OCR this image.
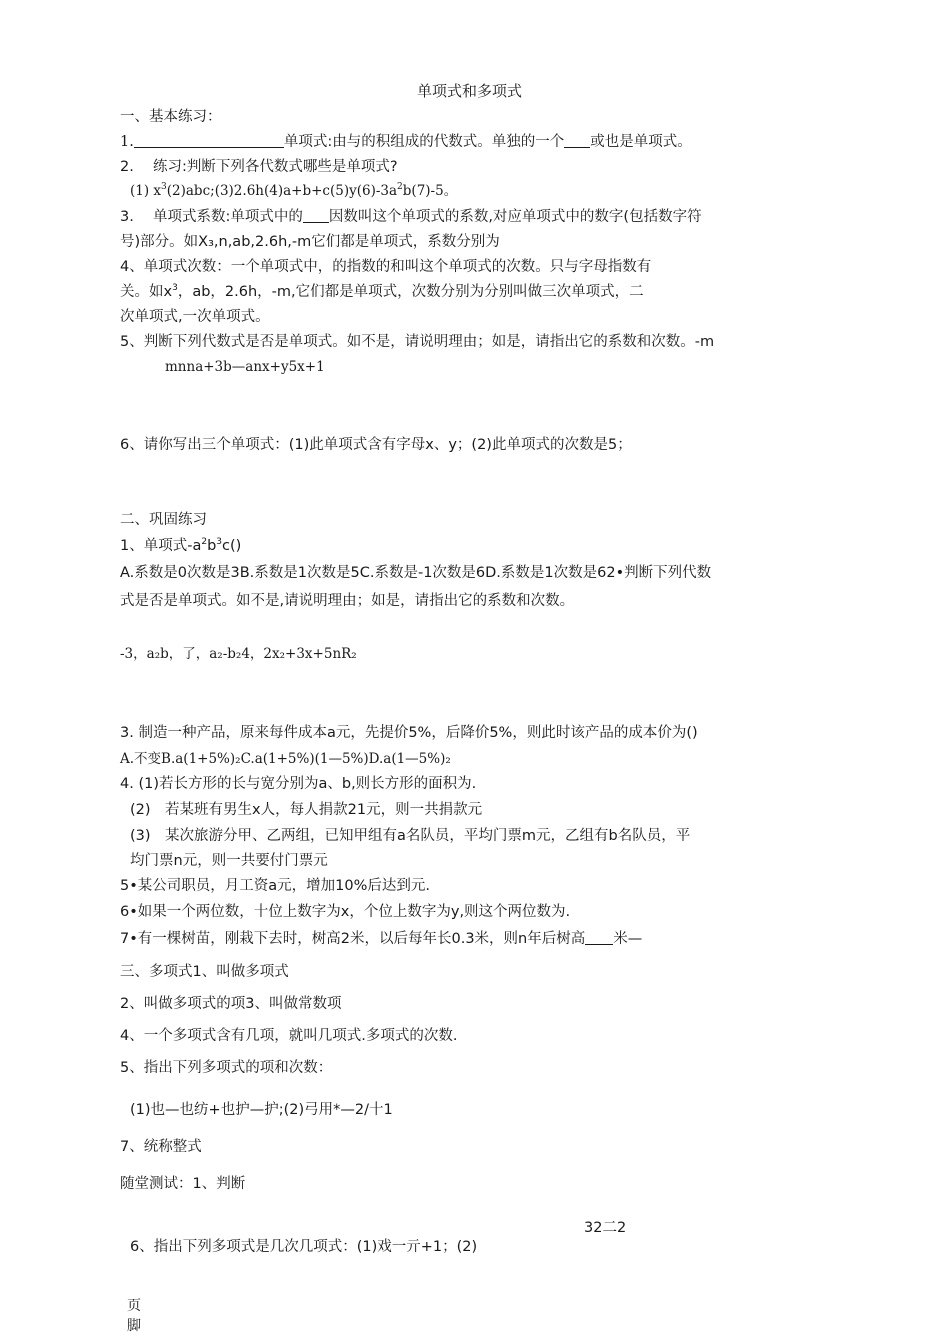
单项式和多项式
一、基本练习：
1.	单项式:由与的积组成的代数式。单独的一个 或也是单项式。
2.　 练习:判断下列各代数式哪些是单项式?
(1) $x^3(2)abc;(3)2.6h(4)a+b+c(5)y(6)-3a^2b(7)-5$。
3.　 单项式系数:单项式中的 因数叫这个单项式的系数,对应单项式中的数字(包括数字符
号)部分。如X₃,n,ab,2.6h,-m它们都是单项式，系数分别为
4、单项式次数：一个单项式中，的指数的和叫这个单项式的次数。只与字母指数有
关。如$x^3$，ab，2.6h，-m,它们都是单项式，次数分别为分别叫做三次单项式，二
次单项式,一次单项式。
5、判断下列代数式是否是单项式。如不是，请说明理由；如是，请指出它的系数和次数。-m
mnna+3b—anx+y5x+1
6、请你写出三个单项式：(1)此单项式含有字母x、y；(2)此单项式的次数是5；
二、巩固练习
1、单项式$-a^2b^3c()$
A.系数是0次数是3B.系数是1次数是5C.系数是-1次数是6D.系数是1次数是62•判断下列代数
式是否是单项式。如不是,请说明理由；如是，请指出它的系数和次数。
-3，a₂b，了，a₂-b₂4，2x₂+3x+5nR₂
3. 制造一种产品，原来每件成本a元，先提价5%，后降价5%，则此时该产品的成本价为()
A.不变B.a(1+5%)₂C.a(1+5%)(1—5%)D.a(1—5%)₂
4. (1)若长方形的长与宽分别为a、b,则长方形的面积为.
(2)　若某班有男生x人，每人捐款21元，则一共捐款元
(3)　某次旅游分甲、乙两组，已知甲组有a名队员，平均门票m元，乙组有b名队员，平
均门票n元，则一共要付门票元
5•某公司职员，月工资a元，增加10%后达到元.
6•如果一个两位数，十位上数字为x，个位上数字为y,则这个两位数为.
7•有一棵树苗，刚栽下去时，树高2米，以后每年长0.3米，则n年后树高 米—
三、多项式1、叫做多项式
2、叫做多项式的项3、叫做常数项
4、一个多项式含有几项，就叫几项式.多项式的次数.
5、指出下列多项式的项和次数：
(1)也—也纺+也护—护;(2)弓用*—2/十1
7、统称整式
随堂测试：1、判断
32二2
6、指出下列多项式是几次几项式：(1)戏一亓+1；(2)
页脚
